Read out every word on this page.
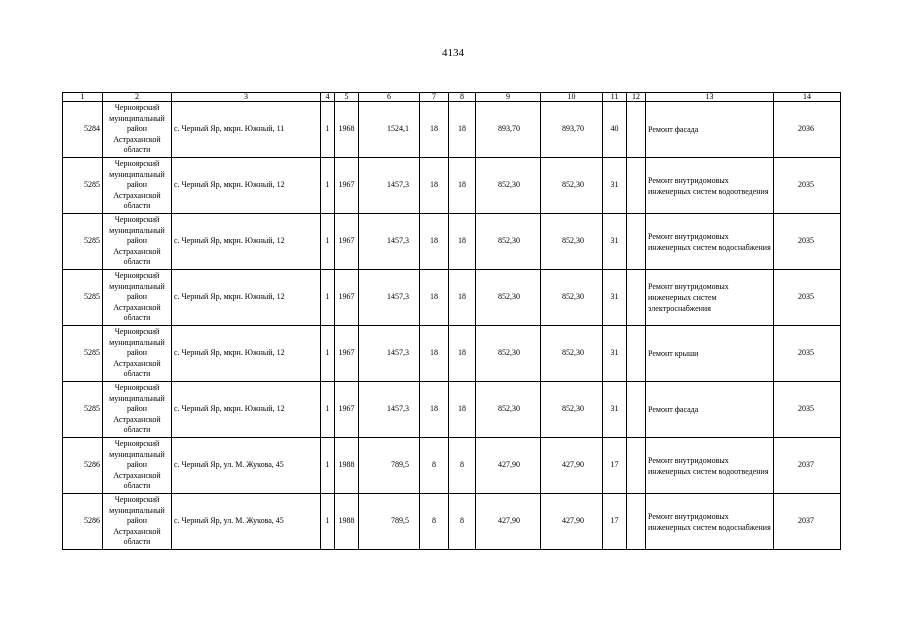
4134
1	2	3	4	5	6	7	8	9	10	11	12	13	14
5284	Черноярский муниципальный район Астраханской области	с. Черный Яр, мкрн. Южный, 11	1	1968	1524,1	18	18	893,70	893,70	40		Ремонт фасада	2036
5285	Черноярский муниципальный район Астраханской области	с. Черный Яр, мкрн. Южный, 12	1	1967	1457,3	18	18	852,30	852,30	31		Ремонт внутридомовых инженерных систем водоотведения	2035
5285	Черноярский муниципальный район Астраханской области	с. Черный Яр, мкрн. Южный, 12	1	1967	1457,3	18	18	852,30	852,30	31		Ремонт внутридомовых инженерных систем водоснабжения	2035
5285	Черноярский муниципальный район Астраханской области	с. Черный Яр, мкрн. Южный, 12	1	1967	1457,3	18	18	852,30	852,30	31		Ремонт внутридомовых инженерных систем электроснабжения	2035
5285	Черноярский муниципальный район Астраханской области	с. Черный Яр, мкрн. Южный, 12	1	1967	1457,3	18	18	852,30	852,30	31		Ремонт крыши	2035
5285	Черноярский муниципальный район Астраханской области	с. Черный Яр, мкрн. Южный, 12	1	1967	1457,3	18	18	852,30	852,30	31		Ремонт фасада	2035
5286	Черноярский муниципальный район Астраханской области	с. Черный Яр, ул. М. Жукова, 45	1	1988	789,5	8	8	427,90	427,90	17		Ремонт внутридомовых инженерных систем водоотведения	2037
5286	Черноярский муниципальный район Астраханской области	с. Черный Яр, ул. М. Жукова, 45	1	1988	789,5	8	8	427,90	427,90	17		Ремонт внутридомовых инженерных систем водоснабжения	2037
